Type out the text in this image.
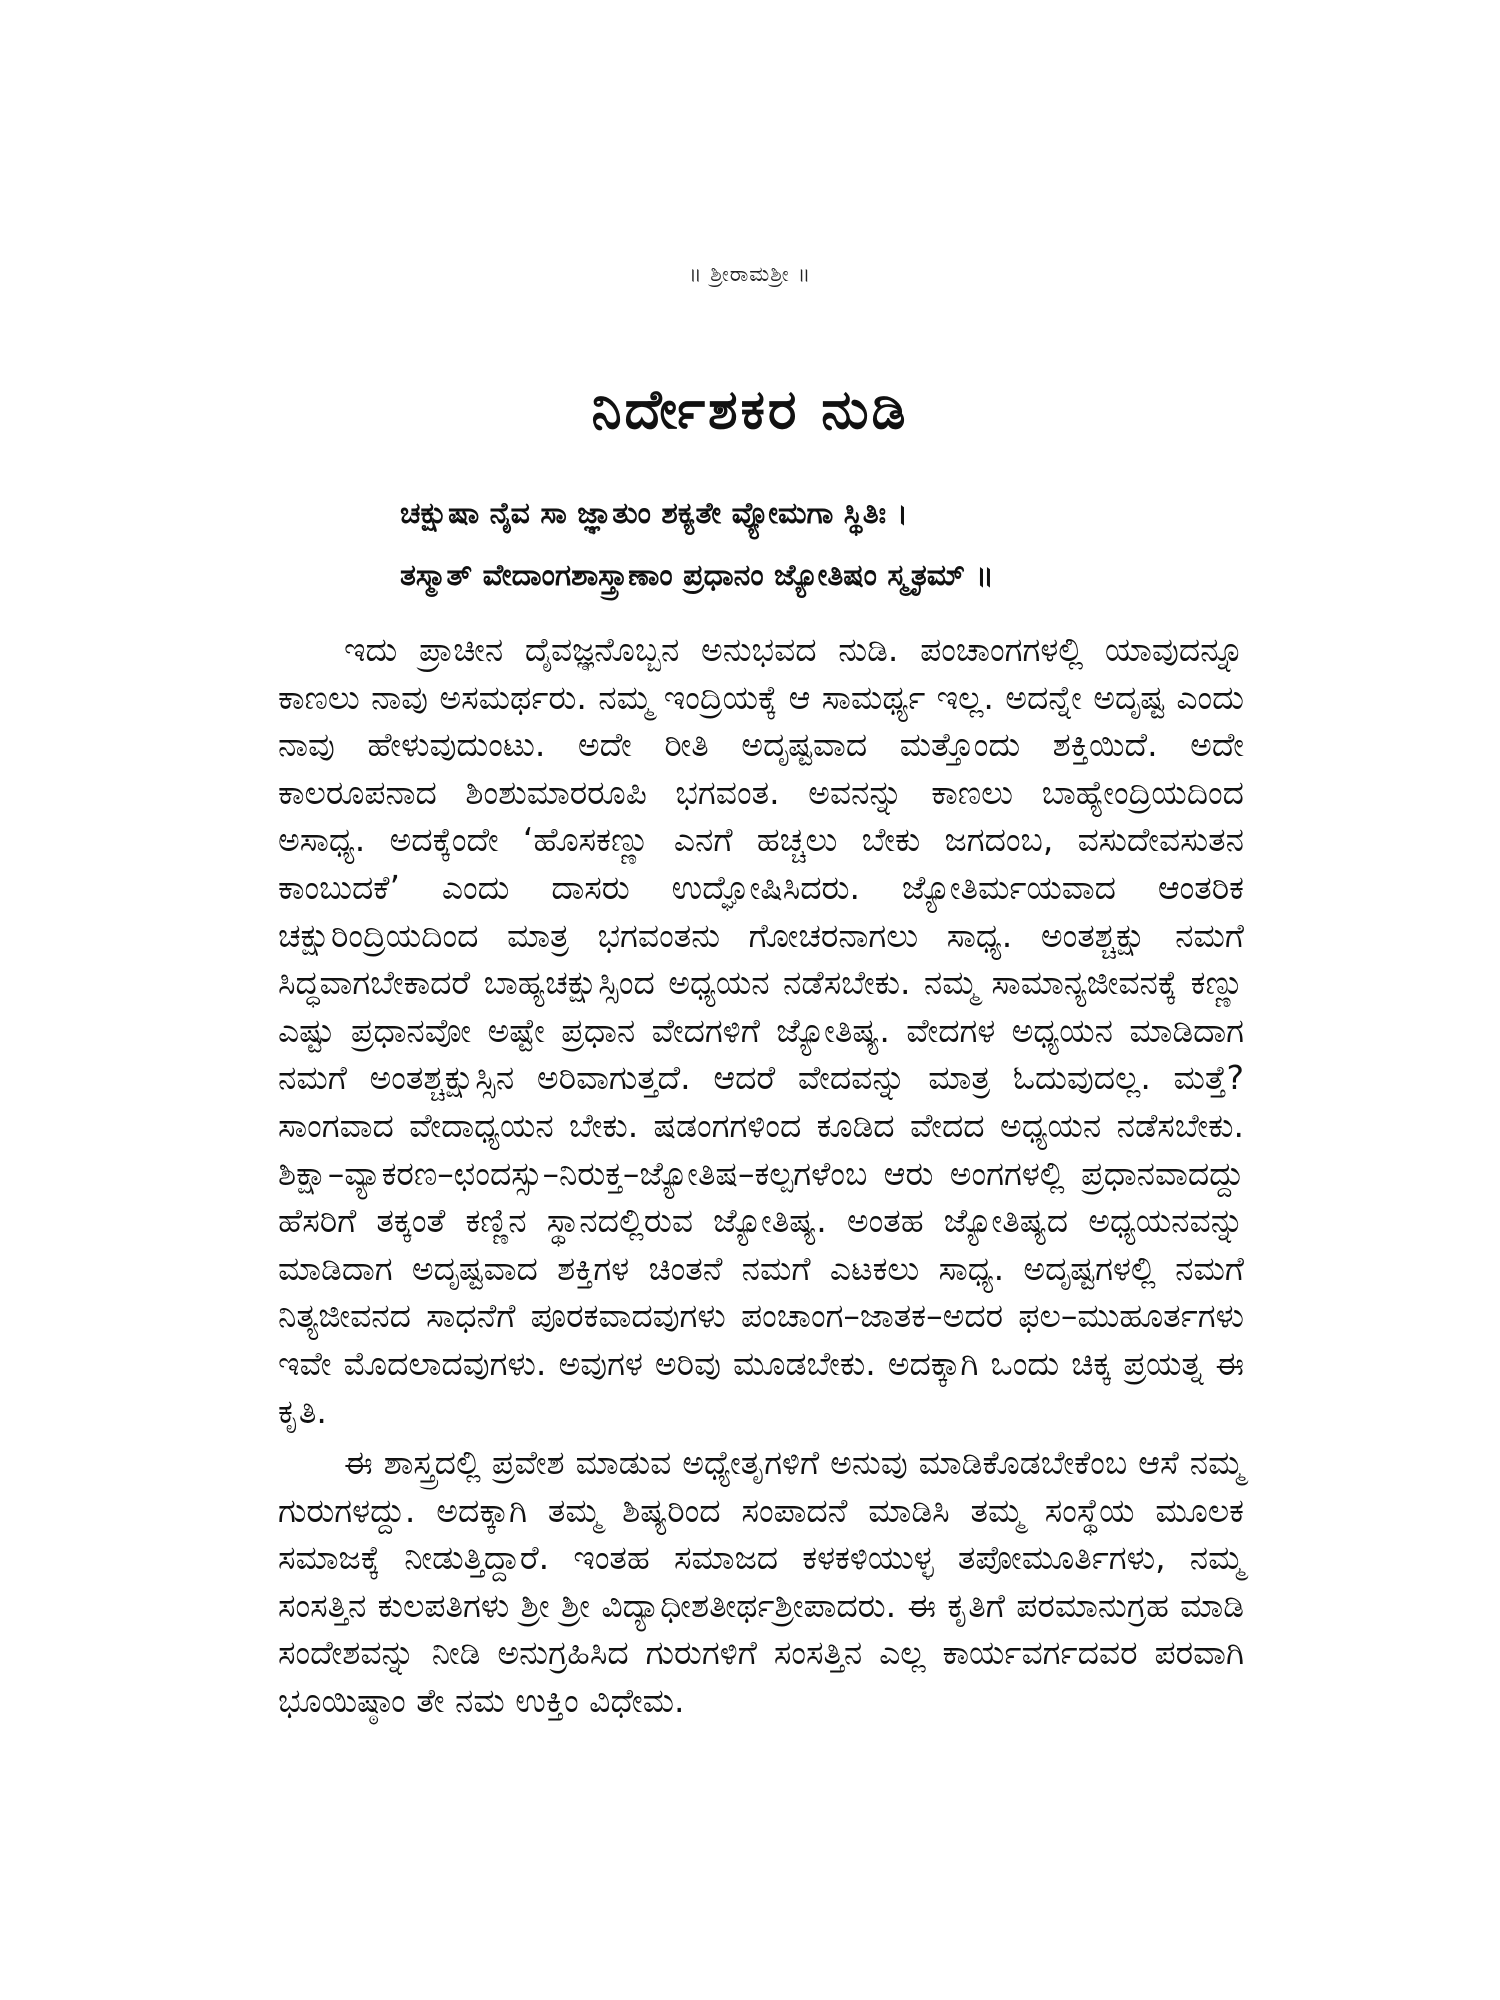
॥ ಶ್ರೀರಾಮಶ್ರೀ ॥
ನಿರ್ದೇಶಕರ ನುಡಿ
ಚಕ್ಷುಷಾ ನೈವ ಸಾ ಜ್ಞಾತುಂ ಶಕ್ಯತೇ ವ್ಯೋಮಗಾ ಸ್ಥಿತಿಃ ।
ತಸ್ಮಾತ್ ವೇದಾಂಗಶಾಸ್ತ್ರಾಣಾಂ ಪ್ರಧಾನಂ ಜ್ಯೋತಿಷಂ ಸ್ಮೃತಮ್ ॥

ಇದು ಪ್ರಾಚೀನ ದೈವಜ್ಞನೊಬ್ಬನ ಅನುಭವದ ನುಡಿ. ಪಂಚಾಂಗಗಳಲ್ಲಿ ಯಾವುದನ್ನೂ ಕಾಣಲು ನಾವು ಅಸಮರ್ಥರು. ನಮ್ಮ ಇಂದ್ರಿಯಕ್ಕೆ ಆ ಸಾಮರ್ಥ್ಯ ಇಲ್ಲ. ಅದನ್ನೇ ಅದೃಷ್ಟ ಎಂದು ನಾವು ಹೇಳುವುದುಂಟು. ಅದೇ ರೀತಿ ಅದೃಷ್ಟವಾದ ಮತ್ತೊಂದು ಶಕ್ತಿಯಿದೆ. ಅದೇ ಕಾಲರೂಪನಾದ ಶಿಂಶುಮಾರರೂಪಿ ಭಗವಂತ. ಅವನನ್ನು ಕಾಣಲು ಬಾಹ್ಯೇಂದ್ರಿಯದಿಂದ ಅಸಾಧ್ಯ. ಅದಕ್ಕೆಂದೇ ‘ಹೊಸಕಣ್ಣು ಎನಗೆ ಹಚ್ಚಲು ಬೇಕು ಜಗದಂಬ, ವಸುದೇವಸುತನ ಕಾಂಬುದಕೆ’ ಎಂದು ದಾಸರು ಉದ್ಘೋಷಿಸಿದರು. ಜ್ಯೋತಿರ್ಮಯವಾದ ಆಂತರಿಕ ಚಕ್ಷುರಿಂದ್ರಿಯದಿಂದ ಮಾತ್ರ ಭಗವಂತನು ಗೋಚರನಾಗಲು ಸಾಧ್ಯ. ಅಂತಶ್ಚಕ್ಷು ನಮಗೆ ಸಿದ್ಧವಾಗಬೇಕಾದರೆ ಬಾಹ್ಯಚಕ್ಷುಸ್ಸಿಂದ ಅಧ್ಯಯನ ನಡೆಸಬೇಕು. ನಮ್ಮ ಸಾಮಾನ್ಯಜೀವನಕ್ಕೆ ಕಣ್ಣು ಎಷ್ಟು ಪ್ರಧಾನವೋ ಅಷ್ಟೇ ಪ್ರಧಾನ ವೇದಗಳಿಗೆ ಜ್ಯೋತಿಷ್ಯ. ವೇದಗಳ ಅಧ್ಯಯನ ಮಾಡಿದಾಗ ನಮಗೆ ಅಂತಶ್ಚಕ್ಷುಸ್ಸಿನ ಅರಿವಾಗುತ್ತದೆ. ಆದರೆ ವೇದವನ್ನು ಮಾತ್ರ ಓದುವುದಲ್ಲ. ಮತ್ತೆ? ಸಾಂಗವಾದ ವೇದಾಧ್ಯಯನ ಬೇಕು. ಷಡಂಗಗಳಿಂದ ಕೂಡಿದ ವೇದದ ಅಧ್ಯಯನ ನಡೆಸಬೇಕು. ಶಿಕ್ಷಾ–ವ್ಯಾಕರಣ–ಛಂದಸ್ಸು–ನಿರುಕ್ತ–ಜ್ಯೋತಿಷ–ಕಲ್ಪಗಳೆಂಬ ಆರು ಅಂಗಗಳಲ್ಲಿ ಪ್ರಧಾನವಾದದ್ದು ಹೆಸರಿಗೆ ತಕ್ಕಂತೆ ಕಣ್ಣಿನ ಸ್ಥಾನದಲ್ಲಿರುವ ಜ್ಯೋತಿಷ್ಯ. ಅಂತಹ ಜ್ಯೋತಿಷ್ಯದ ಅಧ್ಯಯನವನ್ನು ಮಾಡಿದಾಗ ಅದೃಷ್ಟವಾದ ಶಕ್ತಿಗಳ ಚಿಂತನೆ ನಮಗೆ ಎಟಕಲು ಸಾಧ್ಯ. ಅದೃಷ್ಟಗಳಲ್ಲಿ ನಮಗೆ ನಿತ್ಯಜೀವನದ ಸಾಧನೆಗೆ ಪೂರಕವಾದವುಗಳು ಪಂಚಾಂಗ–ಜಾತಕ–ಅದರ ಫಲ–ಮುಹೂರ್ತಗಳು ಇವೇ ಮೊದಲಾದವುಗಳು. ಅವುಗಳ ಅರಿವು ಮೂಡಬೇಕು. ಅದಕ್ಕಾಗಿ ಒಂದು ಚಿಕ್ಕ ಪ್ರಯತ್ನ ಈ ಕೃತಿ.

ಈ ಶಾಸ್ತ್ರದಲ್ಲಿ ಪ್ರವೇಶ ಮಾಡುವ ಅಧ್ಯೇತೃಗಳಿಗೆ ಅನುವು ಮಾಡಿಕೊಡಬೇಕೆಂಬ ಆಸೆ ನಮ್ಮ ಗುರುಗಳದ್ದು. ಅದಕ್ಕಾಗಿ ತಮ್ಮ ಶಿಷ್ಯರಿಂದ ಸಂಪಾದನೆ ಮಾಡಿಸಿ ತಮ್ಮ ಸಂಸ್ಥೆಯ ಮೂಲಕ ಸಮಾಜಕ್ಕೆ ನೀಡುತ್ತಿದ್ದಾರೆ. ಇಂತಹ ಸಮಾಜದ ಕಳಕಳಿಯುಳ್ಳ ತಪೋಮೂರ್ತಿಗಳು, ನಮ್ಮ ಸಂಸತ್ತಿನ ಕುಲಪತಿಗಳು ಶ್ರೀ ಶ್ರೀ ವಿದ್ಯಾಧೀಶತೀರ್ಥಶ್ರೀಪಾದರು. ಈ ಕೃತಿಗೆ ಪರಮಾನುಗ್ರಹ ಮಾಡಿ ಸಂದೇಶವನ್ನು ನೀಡಿ ಅನುಗ್ರಹಿಸಿದ ಗುರುಗಳಿಗೆ ಸಂಸತ್ತಿನ ಎಲ್ಲ ಕಾರ್ಯವರ್ಗದವರ ಪರವಾಗಿ ಭೂಯಿಷ್ಠಾಂ ತೇ ನಮ ಉಕ್ತಿಂ ವಿಧೇಮ.
